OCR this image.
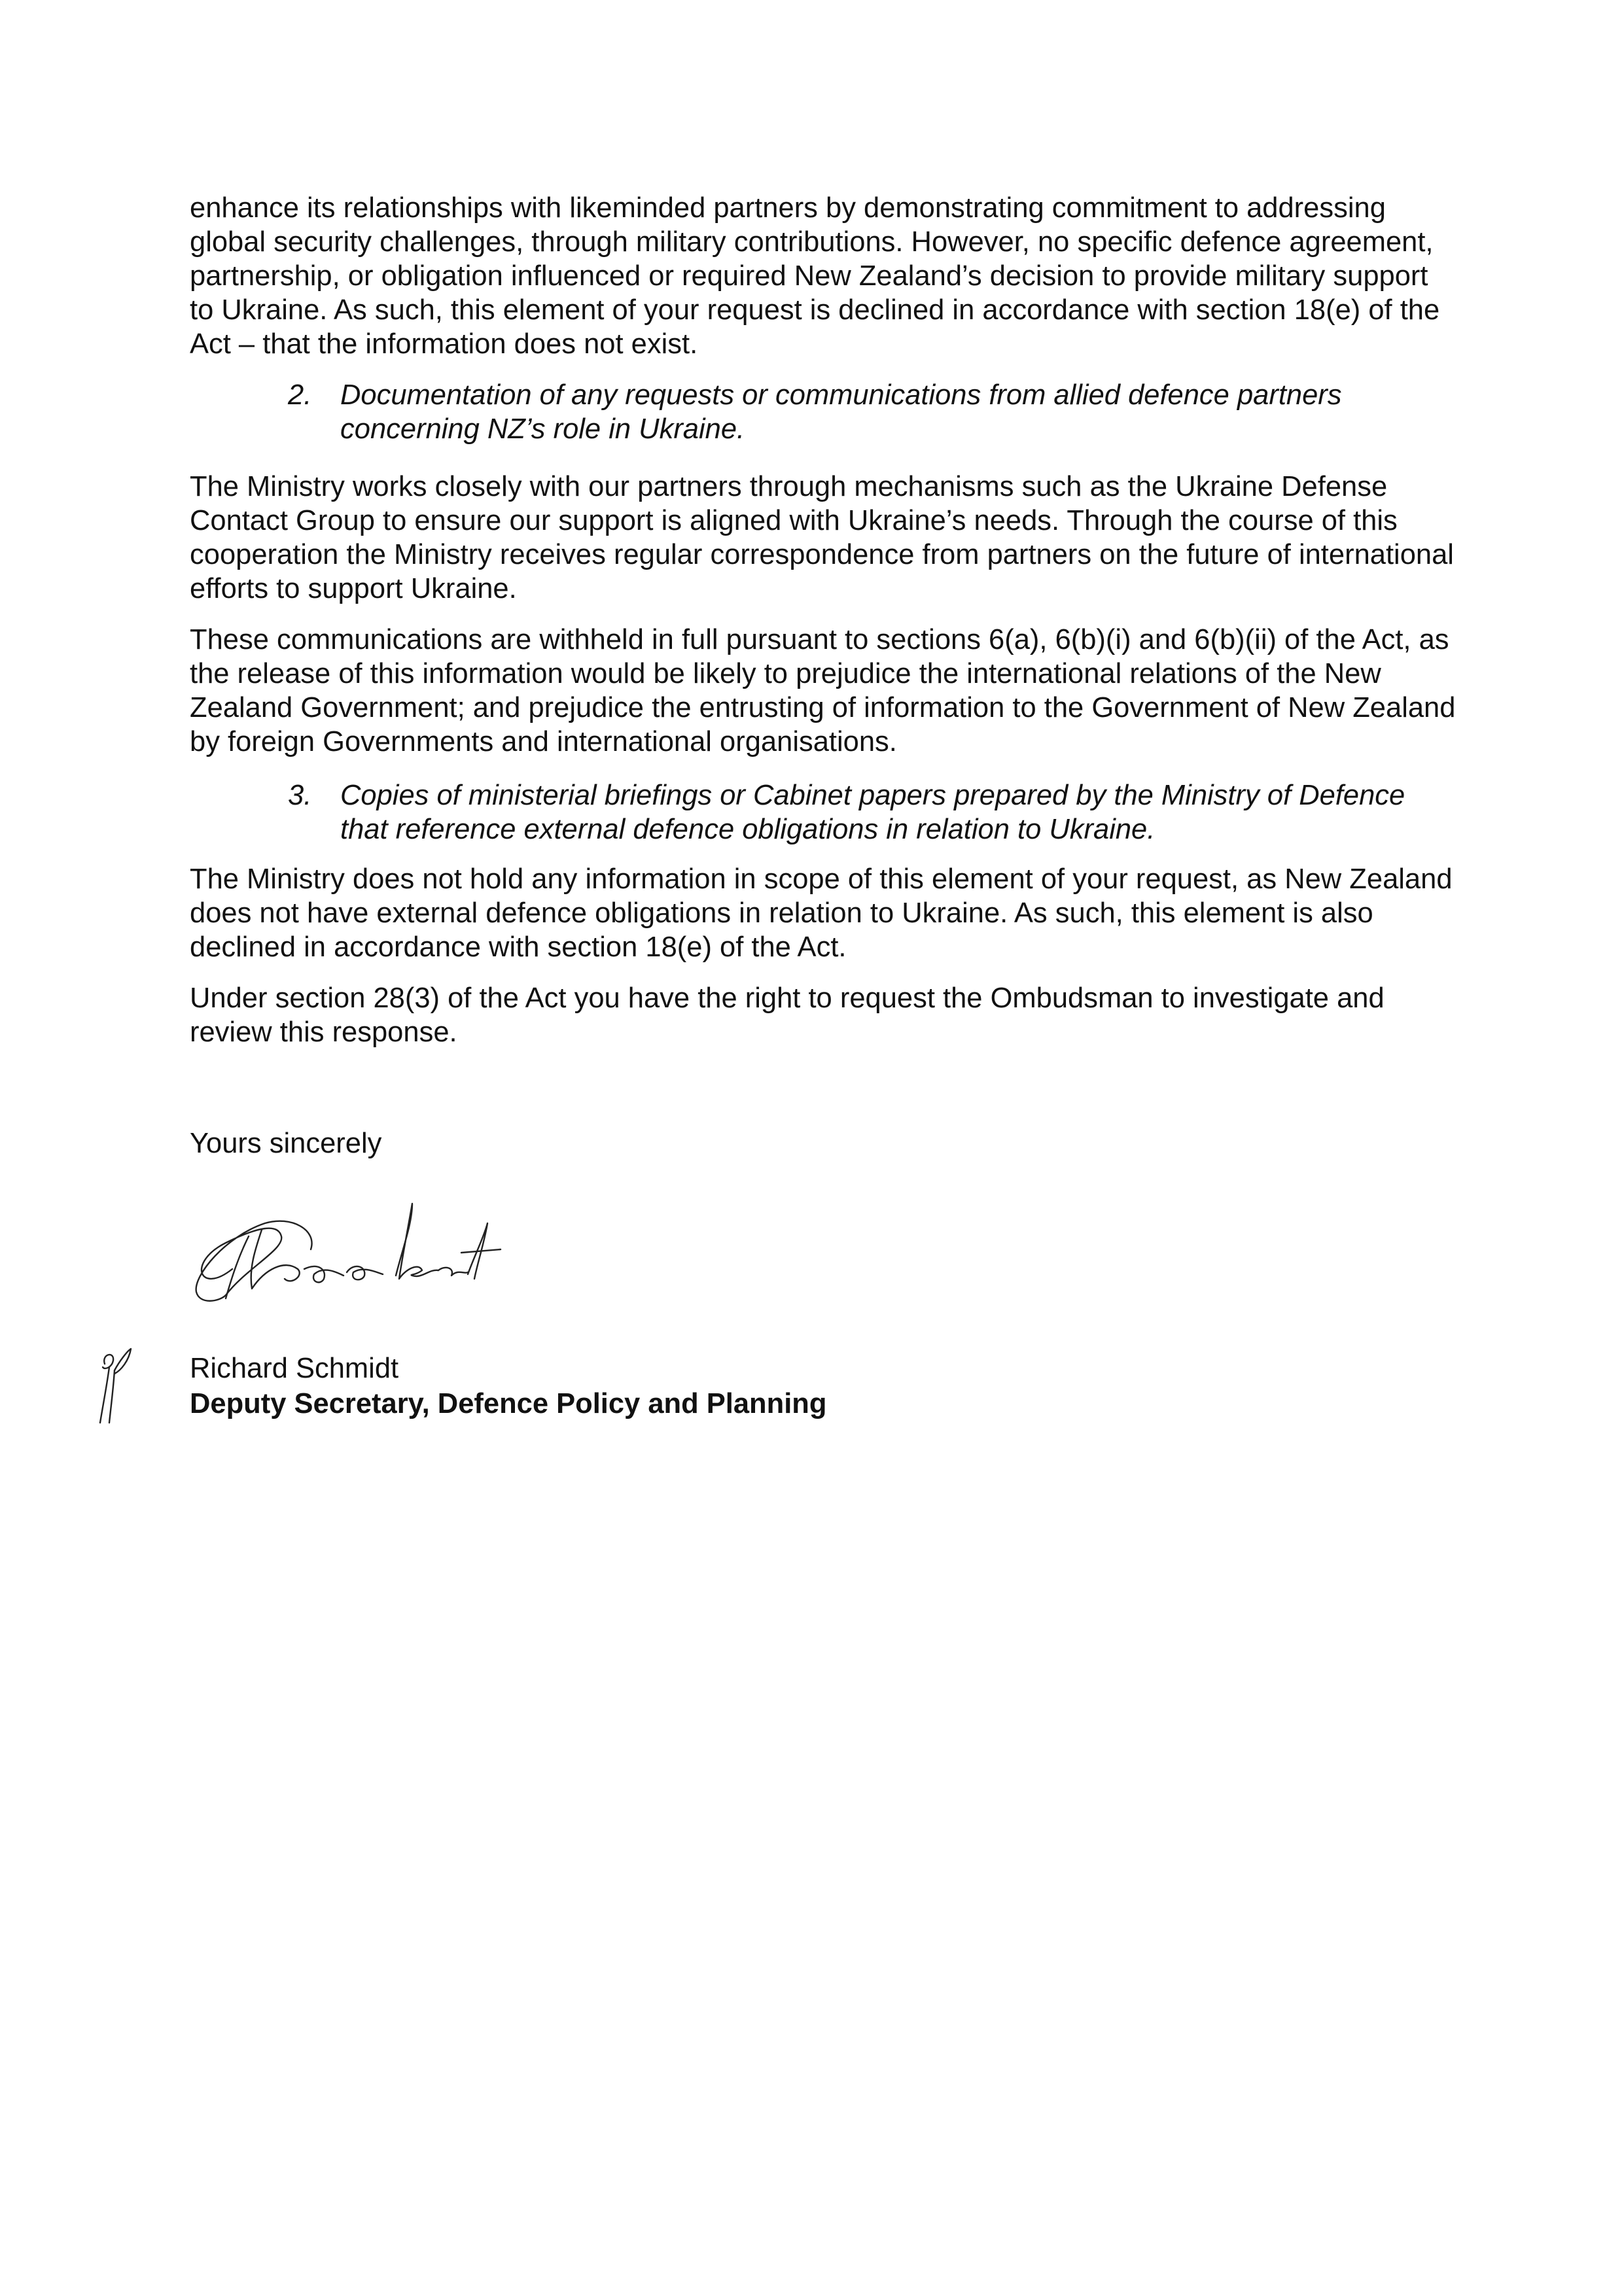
enhance its relationships with likeminded partners by demonstrating commitment to addressing global security challenges, through military contributions. However, no specific defence agreement, partnership, or obligation influenced or required New Zealand’s decision to provide military support to Ukraine. As such, this element of your request is declined in accordance with section 18(e) of the Act – that the information does not exist.

2.	Documentation of any requests or communications from allied defence partners concerning NZ’s role in Ukraine.

The Ministry works closely with our partners through mechanisms such as the Ukraine Defense Contact Group to ensure our support is aligned with Ukraine’s needs. Through the course of this cooperation the Ministry receives regular correspondence from partners on the future of international efforts to support Ukraine.

These communications are withheld in full pursuant to sections 6(a), 6(b)(i) and 6(b)(ii) of the Act, as the release of this information would be likely to prejudice the international relations of the New Zealand Government; and prejudice the entrusting of information to the Government of New Zealand by foreign Governments and international organisations.

3.	Copies of ministerial briefings or Cabinet papers prepared by the Ministry of Defence that reference external defence obligations in relation to Ukraine.

The Ministry does not hold any information in scope of this element of your request, as New Zealand does not have external defence obligations in relation to Ukraine. As such, this element is also declined in accordance with section 18(e) of the Act.

Under section 28(3) of the Act you have the right to request the Ombudsman to investigate and review this response.

Yours sincerely

Richard Schmidt

Deputy Secretary, Defence Policy and Planning
